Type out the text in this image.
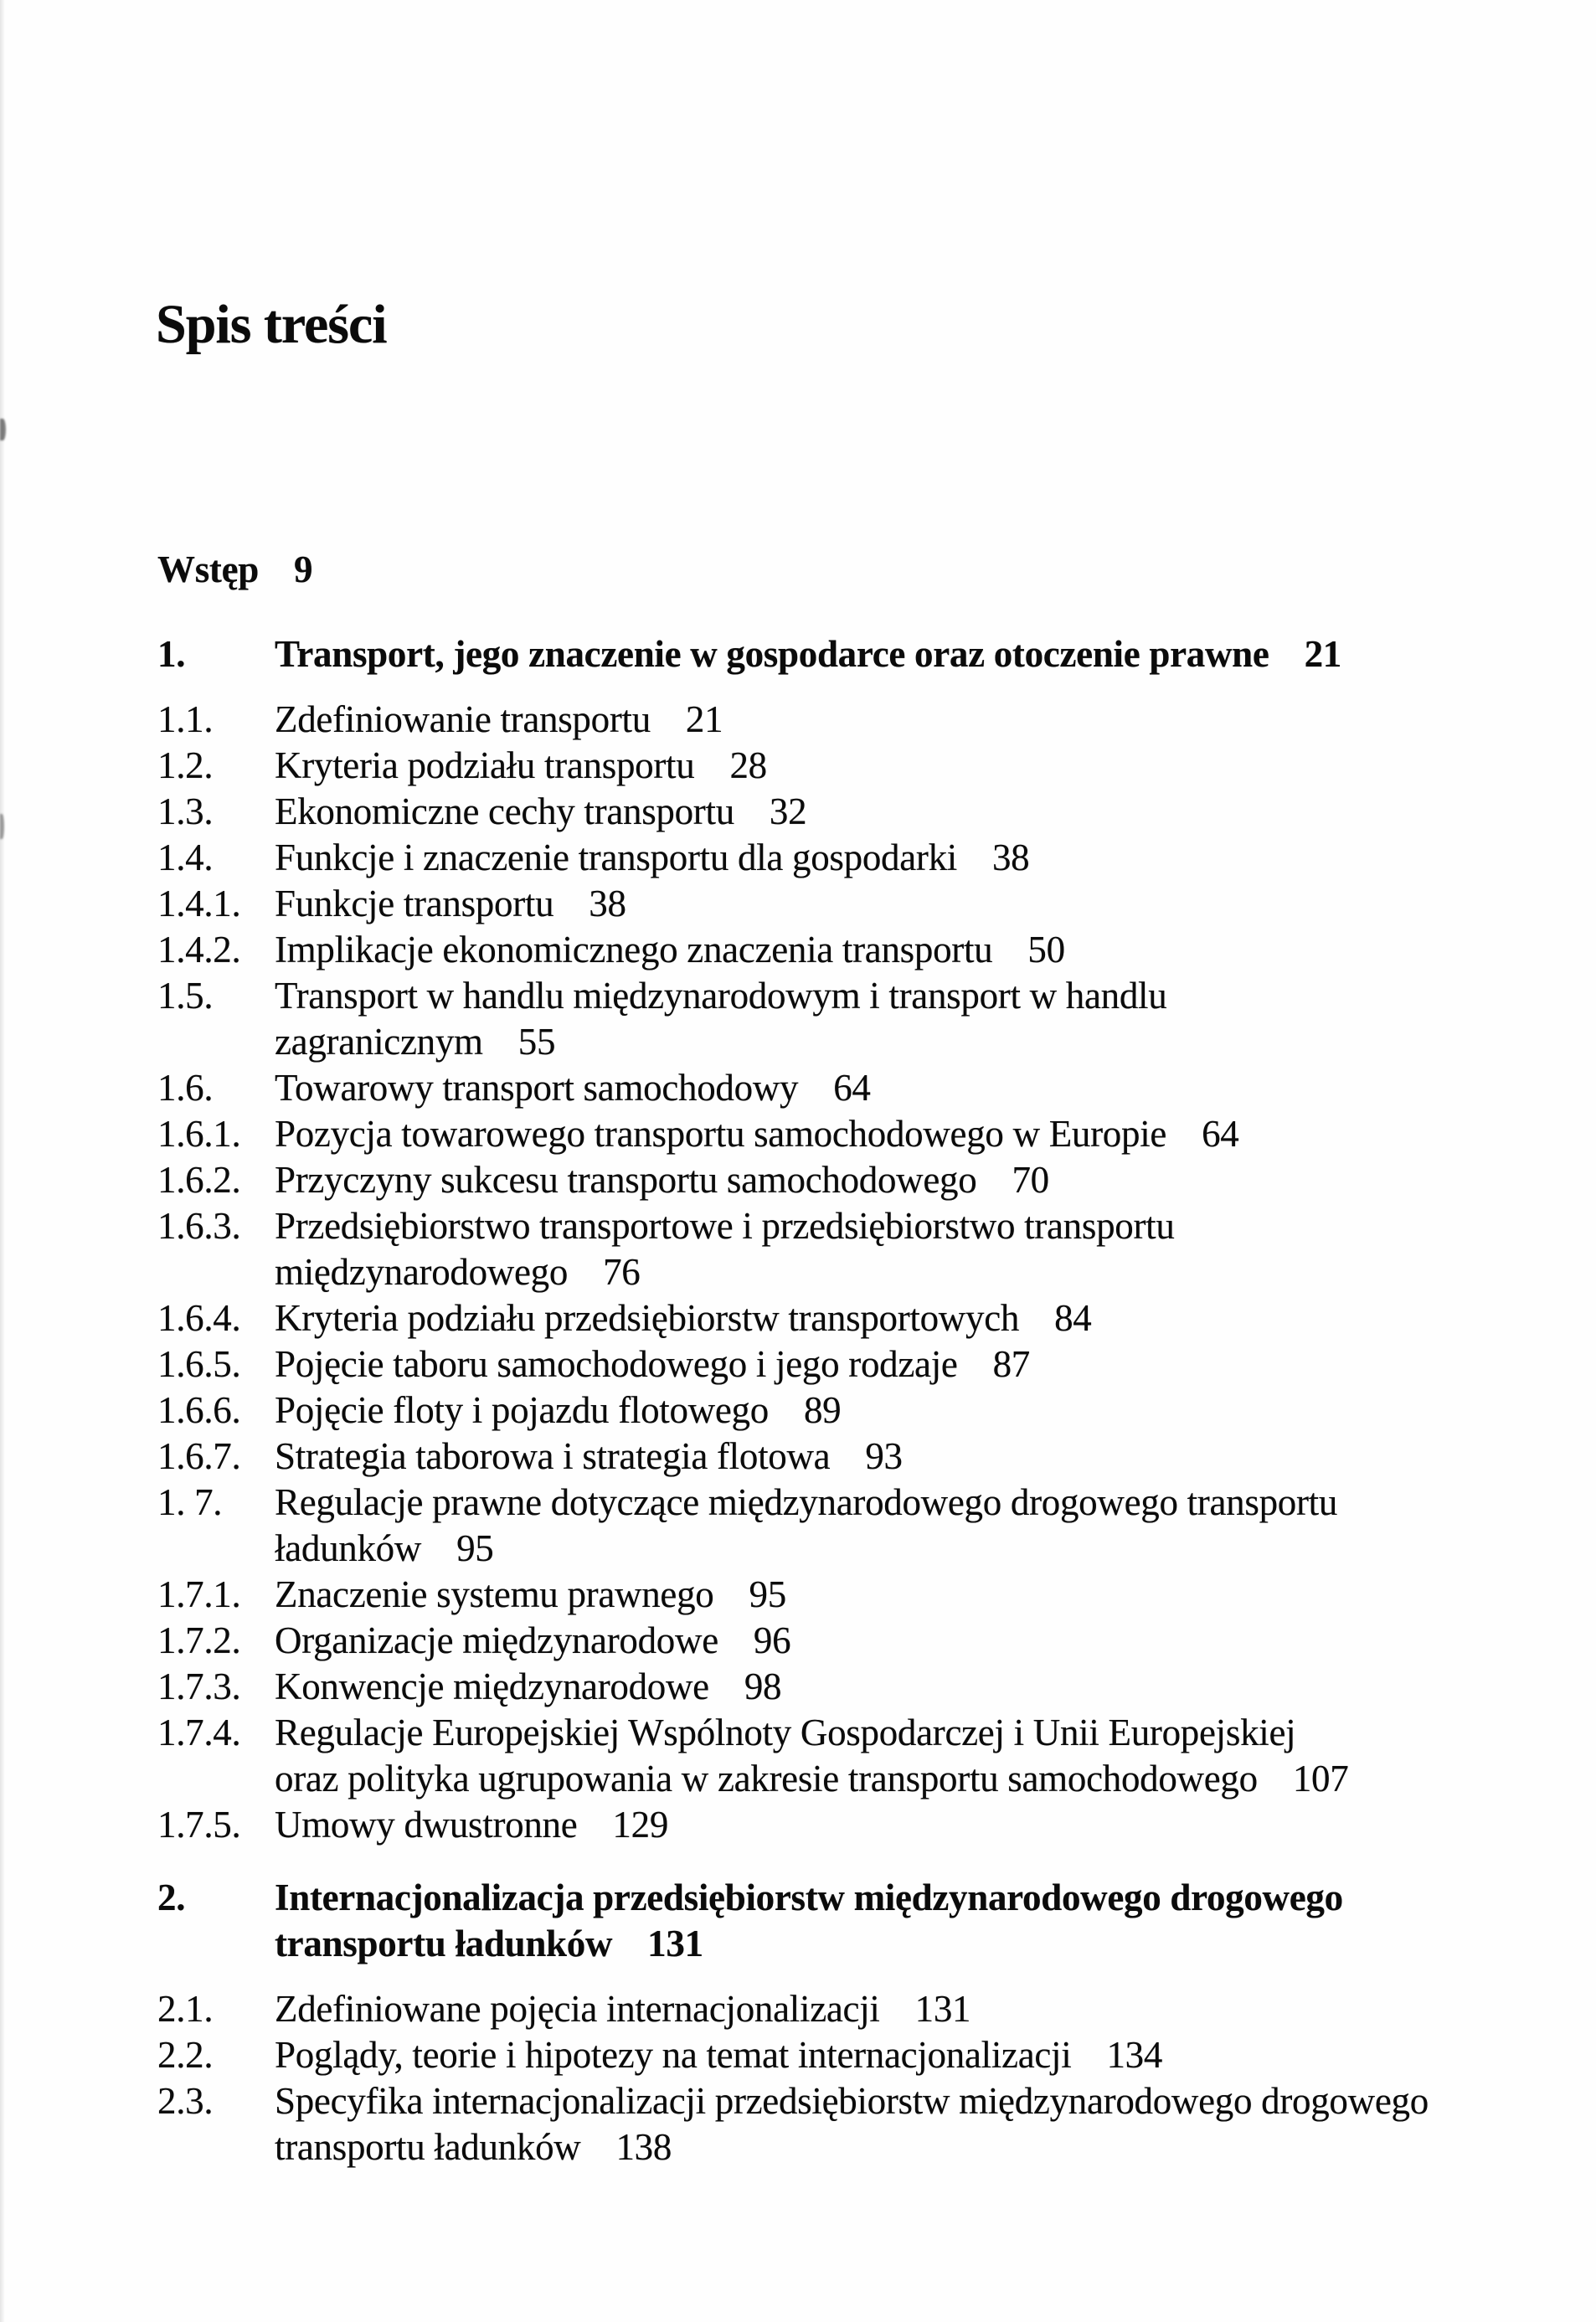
Spis treści
Wstęp 9
1. Transport, jego znaczenie w gospodarce oraz otoczenie prawne 21
1.1. Zdefiniowanie transportu 21
1.2. Kryteria podziału transportu 28
1.3. Ekonomiczne cechy transportu 32
1.4. Funkcje i znaczenie transportu dla gospodarki 38
1.4.1. Funkcje transportu 38
1.4.2. Implikacje ekonomicznego znaczenia transportu 50
1.5. Transport w handlu międzynarodowym i transport w handlu
zagranicznym 55
1.6. Towarowy transport samochodowy 64
1.6.1. Pozycja towarowego transportu samochodowego w Europie 64
1.6.2. Przyczyny sukcesu transportu samochodowego 70
1.6.3. Przedsiębiorstwo transportowe i przedsiębiorstwo transportu
międzynarodowego 76
1.6.4. Kryteria podziału przedsiębiorstw transportowych 84
1.6.5. Pojęcie taboru samochodowego i jego rodzaje 87
1.6.6. Pojęcie floty i pojazdu flotowego 89
1.6.7. Strategia taborowa i strategia flotowa 93
1. 7. Regulacje prawne dotyczące międzynarodowego drogowego transportu
ładunków 95
1.7.1. Znaczenie systemu prawnego 95
1.7.2. Organizacje międzynarodowe 96
1.7.3. Konwencje międzynarodowe 98
1.7.4. Regulacje Europejskiej Wspólnoty Gospodarczej i Unii Europejskiej
oraz polityka ugrupowania w zakresie transportu samochodowego 107
1.7.5. Umowy dwustronne 129
2. Internacjonalizacja przedsiębiorstw międzynarodowego drogowego
transportu ładunków 131
2.1. Zdefiniowane pojęcia internacjonalizacji 131
2.2. Poglądy, teorie i hipotezy na temat internacjonalizacji 134
2.3. Specyfika internacjonalizacji przedsiębiorstw międzynarodowego drogowego
transportu ładunków 138
